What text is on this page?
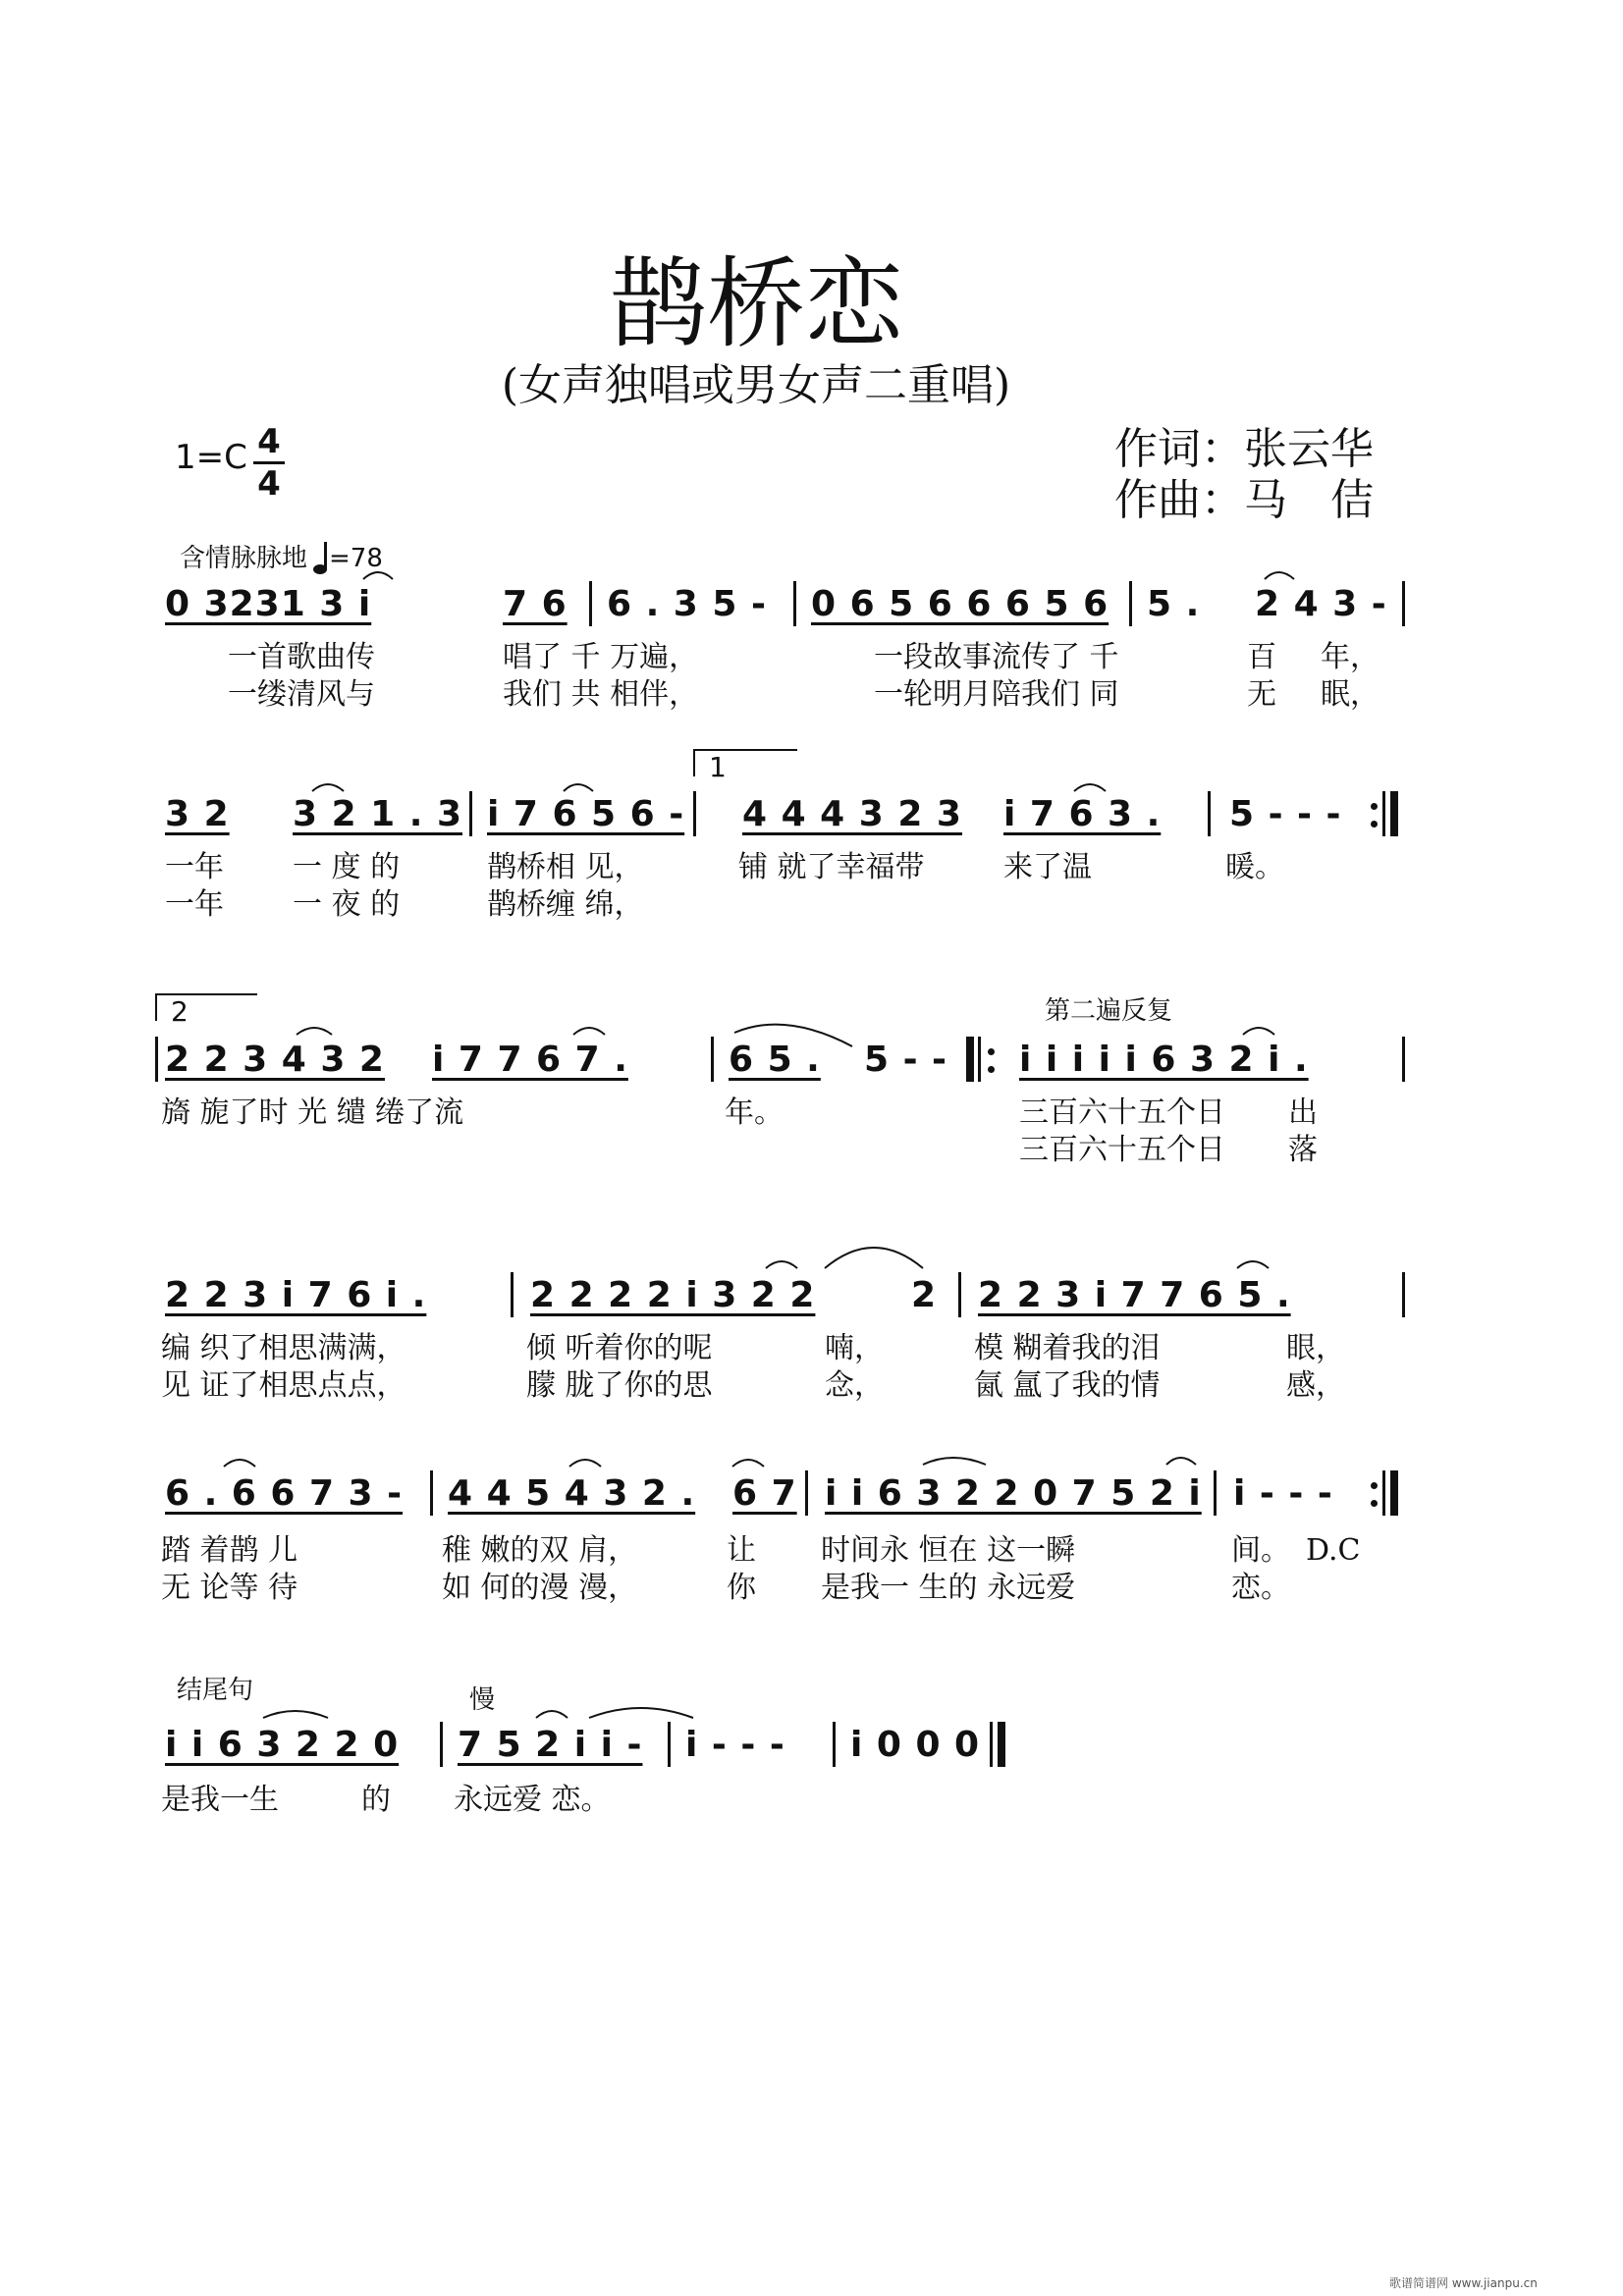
鹊桥恋
(女声独唱或男女声二重唱)
1=C 4
4
作词：张云华
作曲：马　佶
含情脉脉地 =78
0 3231 3 i	7 6 6 . 3 5 - 0 6 5 6 6 6 5 6 5 . 2 4 3 -
一首歌曲传	唱了 千 万遍，	一段故事流传了 千	百 年，
一缕清风与	我们 共 相伴，	一轮明月陪我们 同	无 眠，
1
3 2 3 2 1 . 3 i 7 6 5 6 - 4 4 4 3 2 3 i 7 6 3 . 5 - - -
一年 一 度 的	鹊桥相 见，	铺 就了幸福带	来了温	暖。
一年 一 夜 的	鹊桥缠 绵，
2	第二遍反复
2 2 3 4 3 2 i 7 7 6 7 .	6 5 . 5 - - i i i i i 6 3 2 i .
旖 旎了时 光 缱 绻了流	年。	三百六十五个日 出
三百六十五个日 落
2 2 3 i 7 6 i .	2 2 2 2 i 3 2 2	2 2 2 3 i 7 7 6 5 .
编 织了相思满满，	倾 听着你的呢	喃，	模 糊着我的泪	眼，
见 证了相思点点，	朦 胧了你的思	念，	氤 氲了我的情	感，
6 . 6 6 7 3 - 4 4 5 4 3 2 . 6 7 i i 6 3 2 2 0 7 5 2 i i - - -
踏 着鹊 儿	稚 嫩的双 肩，	让 时间永 恒在 这一瞬	间。 D.C
无 论等 待	如 何的漫 漫，	你 是我一 生的 永远爱	恋。
结尾句	慢
i i 6 3 2 2 0 7 5 2 i i - i - - - i 0 0 0
是我一生	的 永远爱 恋。
歌谱简谱网 www.jianpu.cn
